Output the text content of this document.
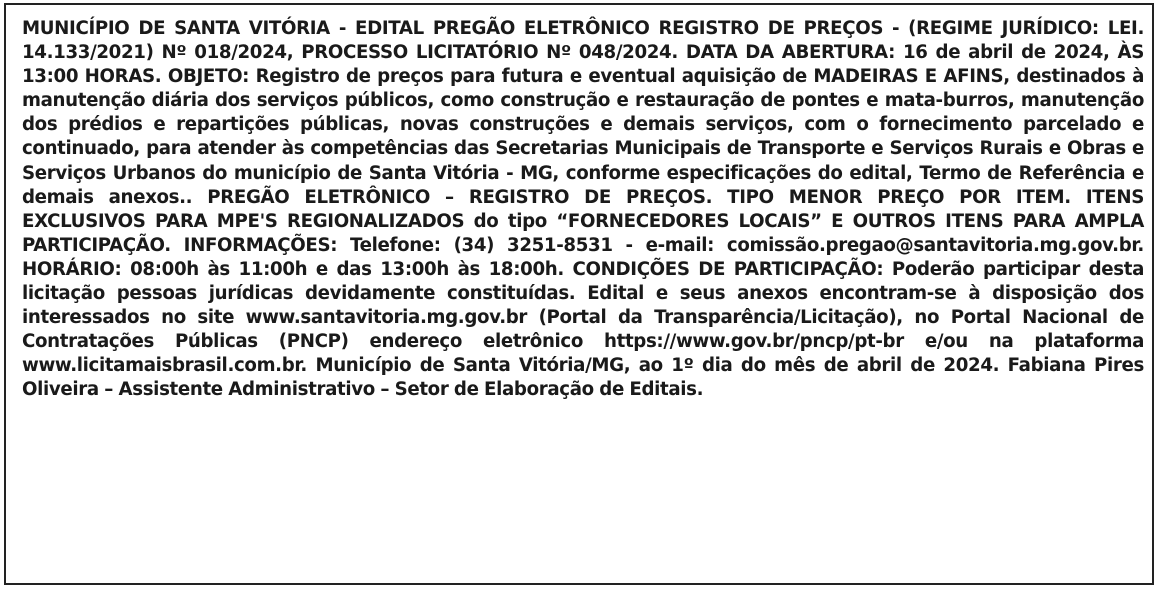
MUNICÍPIO DE SANTA VITÓRIA - EDITAL PREGÃO ELETRÔNICO REGISTRO DE PREÇOS - (REGIME JURÍDICO: LEI. 14.133/2021) Nº 018/2024, PROCESSO LICITATÓRIO Nº 048/2024. DATA DA ABERTURA: 16 de abril de 2024, ÀS 13:00 HORAS. OBJETO: Registro de preços para futura e eventual aquisição de MADEIRAS E AFINS, destinados à manutenção diária dos serviços públicos, como construção e restauração de pontes e mata-burros, manutenção dos prédios e repartições públicas, novas construções e demais serviços, com o fornecimento parcelado e continuado, para atender às competências das Secretarias Municipais de Transporte e Serviços Rurais e Obras e Serviços Urbanos do município de Santa Vitória - MG, conforme especificações do edital, Termo de Referência e demais anexos.. PREGÃO ELETRÔNICO – REGISTRO DE PREÇOS. TIPO MENOR PREÇO POR ITEM. ITENS EXCLUSIVOS PARA MPE'S REGIONALIZADOS do tipo “FORNECEDORES LOCAIS” E OUTROS ITENS PARA AMPLA PARTICIPAÇÃO. INFORMAÇÕES: Telefone: (34) 3251-8531 - e-mail: comissão.pregao@santavitoria.mg.gov.br. HORÁRIO: 08:00h às 11:00h e das 13:00h às 18:00h. CONDIÇÕES DE PARTICIPAÇÃO: Poderão participar desta licitação pessoas jurídicas devidamente constituídas. Edital e seus anexos encontram-se à disposição dos interessados no site www.santavitoria.mg.gov.br (Portal da Transparência/Licitação), no Portal Nacional de Contratações Públicas (PNCP) endereço eletrônico https://www.gov.br/pncp/pt-br e/ou na plataforma www.licitamaisbrasil.com.br. Município de Santa Vitória/MG, ao 1º dia do mês de abril de 2024. Fabiana Pires Oliveira – Assistente Administrativo – Setor de Elaboração de Editais.
